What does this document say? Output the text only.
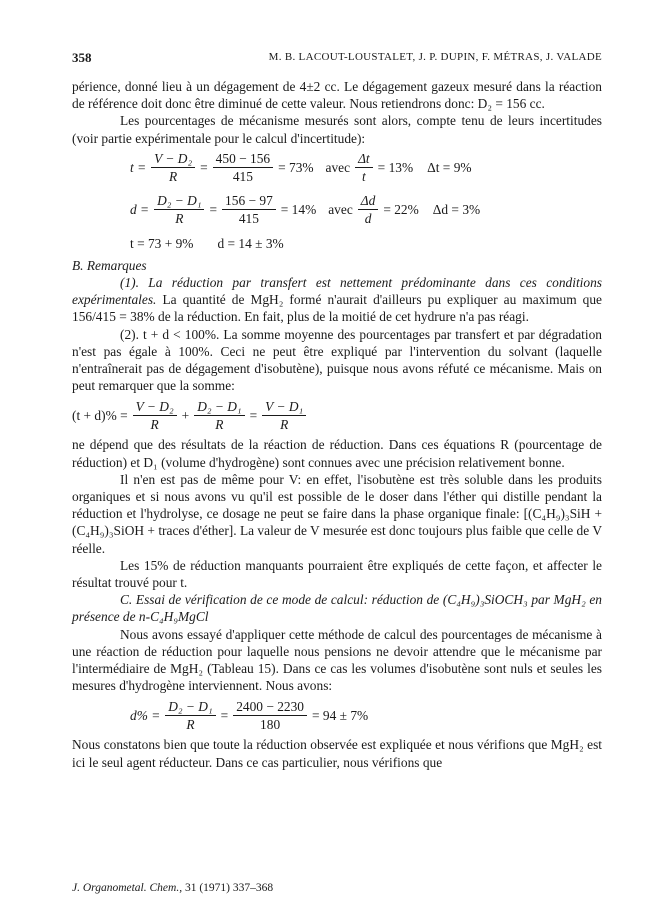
358	M. B. LACOUT-LOUSTALET, J. P. DUPIN, F. MÉTRAS, J. VALADE

périence, donné lieu à un dégagement de 4±2 cc. Le dégagement gazeux mesuré dans la réaction de référence doit donc être diminué de cette valeur. Nous retiendrons donc: D₂ = 156 cc.

Les pourcentages de mécanisme mesurés sont alors, compte tenu de leurs incertitudes (voir partie expérimentale pour le calcul d'incertitude):

$t = \frac{\text{V − D₂}}{R} = \frac{450 - 156}{415} = 73\%$ avec $\frac{\Delta t}{t} = 13\%$ Δt = 9%
$d = \frac{\text{D₂ − D₁}}{R} = \frac{156 - 97}{415} = 14\%$ avec $\frac{\Delta d}{d} = 22\%$ Δd = 3%
t = 73 + 9% d = 14 ± 3%

B. Remarques

(1). La réduction par transfert est nettement prédominante dans ces conditions expérimentales. La quantité de MgH₂ formé n'aurait d'ailleurs pu expliquer au maximum que 156/415 = 38% de la réduction. En fait, plus de la moitié de cet hydrure n'a pas réagi.

(2). t + d < 100%. La somme moyenne des pourcentages par transfert et par dégradation n'est pas égale à 100%. Ceci ne peut être expliqué par l'intervention du solvant (laquelle n'entraînerait pas de dégagement d'isobutène), puisque nous avons réfuté ce mécanisme. Mais on peut remarquer que la somme:

$(t + d)\% = \frac{\text{V − D₂}}{R} + \frac{\text{D₂ − D₁}}{R} = \frac{\text{V − D₁}}{R}$

ne dépend que des résultats de la réaction de réduction. Dans ces équations R (pourcentage de réduction) et D₁ (volume d'hydrogène) sont connues avec une précision relativement bonne.

Il n'en est pas de même pour V: en effet, l'isobutène est très soluble dans les produits organiques et si nous avons vu qu'il est possible de le doser dans l'éther qui distille pendant la réduction et l'hydrolyse, ce dosage ne peut se faire dans la phase organique finale: [(C₄H₉)₃SiH + (C₄H₉)₃SiOH + traces d'éther]. La valeur de V mesurée est donc toujours plus faible que celle de V réelle.

Les 15% de réduction manquants pourraient être expliqués de cette façon, et affecter le résultat trouvé pour t.

C. Essai de vérification de ce mode de calcul: réduction de (C₄H₉)₃SiOCH₃ par MgH₂ en présence de n-C₄H₉MgCl

Nous avons essayé d'appliquer cette méthode de calcul des pourcentages de mécanisme à une réaction de réduction pour laquelle nous pensions ne devoir attendre que le mécanisme par l'intermédiaire de MgH₂ (Tableau 15). Dans ce cas les volumes d'isobutène sont nuls et seules les mesures d'hydrogène interviennent. Nous avons:

$d\% = \frac{\text{D₂ − D₁}}{R} = \frac{2400 - 2230}{180} = 94 \pm 7\%$

Nous constatons bien que toute la réduction observée est expliquée et nous vérifions que MgH₂ est ici le seul agent réducteur. Dans ce cas particulier, nous vérifions que

J. Organometal. Chem., 31 (1971) 337–368
